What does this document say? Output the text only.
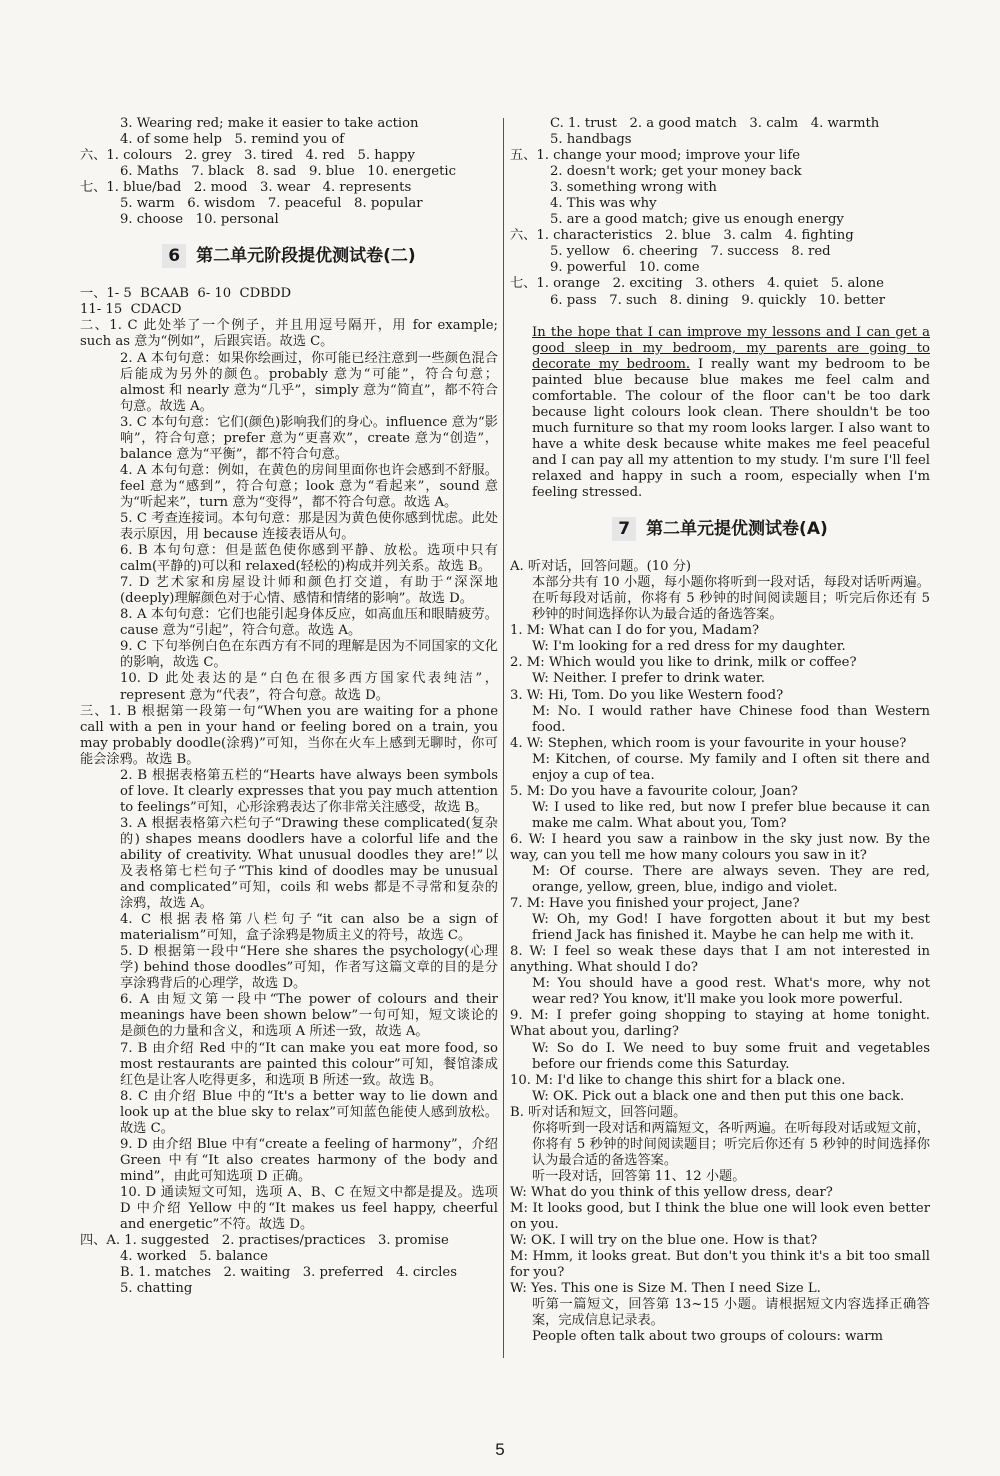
3. Wearing red; make it easier to take action
4. of some help   5. remind you of
六、1. colours   2. grey   3. tired   4. red   5. happy
6. Maths   7. black   8. sad   9. blue   10. energetic
七、1. blue/bad   2. mood   3. wear   4. represents
5. warm   6. wisdom   7. peaceful   8. popular
9. choose   10. personal
6 第二单元阶段提优测试卷(二)
一、1- 5  BCAAB  6- 10  CDBDD
11- 15  CDACD
二、1. C 此处举了一个例子，并且用逗号隔开，用 for example; such as 意为“例如”，后跟宾语。故选 C。
2. A 本句句意：如果你绘画过，你可能已经注意到一些颜色混合后能成为另外的颜色。probably 意为“可能”，符合句意；almost 和 nearly 意为“几乎”，simply 意为“简直”，都不符合句意。故选 A。
3. C 本句句意：它们(颜色)影响我们的身心。influence 意为“影响”，符合句意；prefer 意为“更喜欢”，create 意为“创造”，balance 意为“平衡”，都不符合句意。
4. A 本句句意：例如，在黄色的房间里面你也许会感到不舒服。feel 意为“感到”，符合句意；look 意为“看起来”，sound 意为“听起来”，turn 意为“变得”，都不符合句意。故选 A。
5. C 考查连接词。本句句意：那是因为黄色使你感到忧虑。此处表示原因，用 because 连接表语从句。
6. B 本句句意：但是蓝色使你感到平静、放松。选项中只有 calm(平静的)可以和 relaxed(轻松的)构成并列关系。故选 B。
7. D 艺术家和房屋设计师和颜色打交道，有助于“深深地(deeply)理解颜色对于心情、感情和情绪的影响”。故选 D。
8. A 本句句意：它们也能引起身体反应，如高血压和眼睛疲劳。cause 意为“引起”，符合句意。故选 A。
9. C 下句举例白色在东西方有不同的理解是因为不同国家的文化的影响，故选 C。
10. D 此处表达的是“白色在很多西方国家代表纯洁”，represent 意为“代表”，符合句意。故选 D。
三、1. B 根据第一段第一句“When you are waiting for a phone call with a pen in your hand or feeling bored on a train, you may probably doodle(涂鸦)”可知，当你在火车上感到无聊时，你可能会涂鸦。故选 B。
2. B 根据表格第五栏的“Hearts have always been symbols of love. It clearly expresses that you pay much attention to feelings”可知，心形涂鸦表达了你非常关注感受，故选 B。
3. A 根据表格第六栏句子“Drawing these complicated(复杂的) shapes means doodlers have a colorful life and the ability of creativity. What unusual doodles they are!”以及表格第七栏句子“This kind of doodles may be unusual and complicated”可知，coils 和 webs 都是不寻常和复杂的涂鸦，故选 A。
4. C 根据表格第八栏句子“it can also be a sign of materialism”可知，盒子涂鸦是物质主义的符号，故选 C。
5. D 根据第一段中“Here she shares the psychology(心理学) behind those doodles”可知，作者写这篇文章的目的是分享涂鸦背后的心理学，故选 D。
6. A 由短文第一段中“The power of colours and their meanings have been shown below”一句可知，短文谈论的是颜色的力量和含义，和选项 A 所述一致，故选 A。
7. B 由介绍 Red 中的“It can make you eat more food, so most restaurants are painted this colour”可知，餐馆漆成红色是让客人吃得更多，和选项 B 所述一致。故选 B。
8. C 由介绍 Blue 中的“It's a better way to lie down and look up at the blue sky to relax”可知蓝色能使人感到放松。故选 C。
9. D 由介绍 Blue 中有“create a feeling of harmony”，介绍 Green 中有“It also creates harmony of the body and mind”，由此可知选项 D 正确。
10. D 通读短文可知，选项 A、B、C 在短文中都是提及。选项 D 中介绍 Yellow 中的“It makes us feel happy, cheerful and energetic”不符。故选 D。
四、A. 1. suggested   2. practises/practices   3. promise
4. worked   5. balance
B. 1. matches   2. waiting   3. preferred   4. circles
5. chatting
C. 1. trust   2. a good match   3. calm   4. warmth
5. handbags
五、1. change your mood; improve your life
2. doesn't work; get your money back
3. something wrong with
4. This was why
5. are a good match; give us enough energy
六、1. characteristics   2. blue   3. calm   4. fighting
5. yellow   6. cheering   7. success   8. red
9. powerful   10. come
七、1. orange   2. exciting   3. others   4. quiet   5. alone
6. pass   7. such   8. dining   9. quickly   10. better

In the hope that I can improve my lessons and I can get a good sleep in my bedroom, my parents are going to decorate my bedroom. I really want my bedroom to be painted blue because blue makes me feel calm and comfortable. The colour of the floor can't be too dark because light colours look clean. There shouldn't be too much furniture so that my room looks larger. I also want to have a white desk because white makes me feel peaceful and I can pay all my attention to my study. I'm sure I'll feel relaxed and happy in such a room, especially when I'm feeling stressed.
7 第二单元提优测试卷(A)
A. 听对话，回答问题。(10 分)
本部分共有 10 小题，每小题你将听到一段对话，每段对话听两遍。在听每段对话前，你将有 5 秒钟的时间阅读题目；听完后你还有 5 秒钟的时间选择你认为最合适的备选答案。
1. M: What can I do for you, Madam?
W: I'm looking for a red dress for my daughter.
2. M: Which would you like to drink, milk or coffee?
W: Neither. I prefer to drink water.
3. W: Hi, Tom. Do you like Western food?
M: No. I would rather have Chinese food than Western food.
4. W: Stephen, which room is your favourite in your house?
M: Kitchen, of course. My family and I often sit there and enjoy a cup of tea.
5. M: Do you have a favourite colour, Joan?
W: I used to like red, but now I prefer blue because it can make me calm. What about you, Tom?
6. W: I heard you saw a rainbow in the sky just now. By the way, can you tell me how many colours you saw in it?
M: Of course. There are always seven. They are red, orange, yellow, green, blue, indigo and violet.
7. M: Have you finished your project, Jane?
W: Oh, my God! I have forgotten about it but my best friend Jack has finished it. Maybe he can help me with it.
8. W: I feel so weak these days that I am not interested in anything. What should I do?
M: You should have a good rest. What's more, why not wear red? You know, it'll make you look more powerful.
9. M: I prefer going shopping to staying at home tonight. What about you, darling?
W: So do I. We need to buy some fruit and vegetables before our friends come this Saturday.
10. M: I'd like to change this shirt for a black one.
W: OK. Pick out a black one and then put this one back.
B. 听对话和短文，回答问题。
你将听到一段对话和两篇短文，各听两遍。在听每段对话或短文前，你将有 5 秒钟的时间阅读题目；听完后你还有 5 秒钟的时间选择你认为最合适的备选答案。
听一段对话，回答第 11、12 小题。
W: What do you think of this yellow dress, dear?
M: It looks good, but I think the blue one will look even better on you.
W: OK. I will try on the blue one. How is that?
M: Hmm, it looks great. But don't you think it's a bit too small for you?
W: Yes. This one is Size M. Then I need Size L.
听第一篇短文，回答第 13~15 小题。请根据短文内容选择正确答案，完成信息记录表。
People often talk about two groups of colours: warm
5
